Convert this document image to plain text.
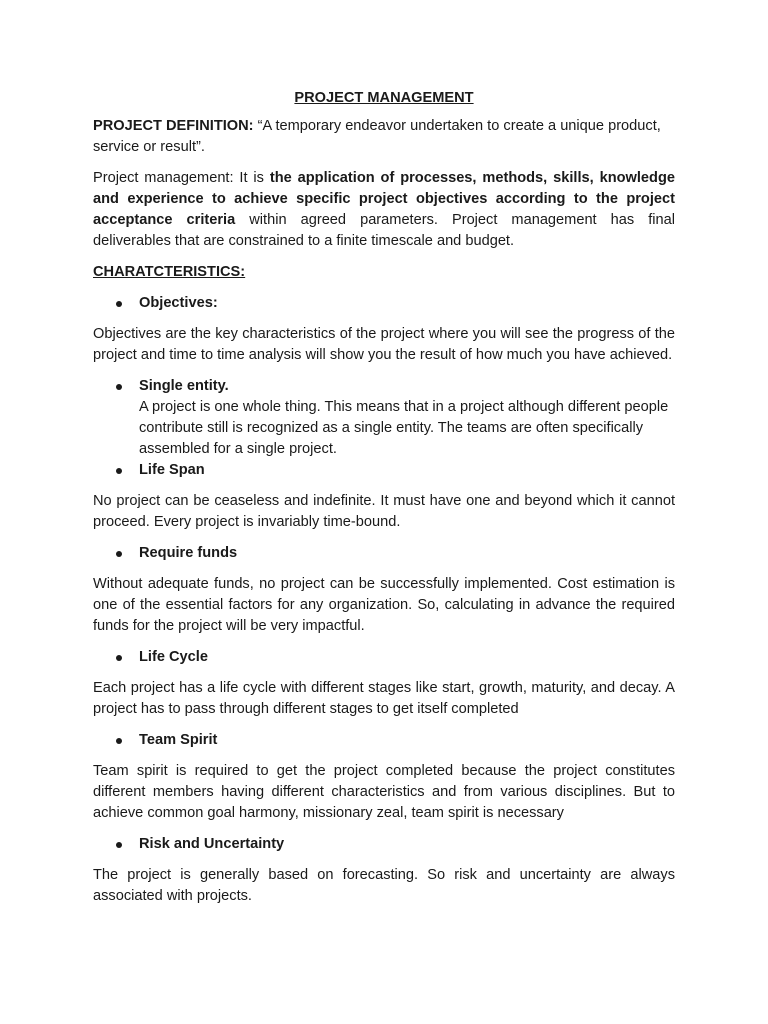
PROJECT MANAGEMENT

PROJECT DEFINITION: “A temporary endeavor undertaken to create a unique product, service or result”.

Project management: It is the application of processes, methods, skills, knowledge and experience to achieve specific project objectives according to the project acceptance criteria within agreed parameters. Project management has final deliverables that are constrained to a finite timescale and budget.

CHARATCTERISTICS:

Objectives:

Objectives are the key characteristics of the project where you will see the progress of the project and time to time analysis will show you the result of how much you have achieved.

Single entity.
A project is one whole thing. This means that in a project although different people contribute still is recognized as a single entity. The teams are often specifically assembled for a single project.
Life Span

No project can be ceaseless and indefinite. It must have one and beyond which it cannot proceed. Every project is invariably time-bound.

Require funds

Without adequate funds, no project can be successfully implemented. Cost estimation is one of the essential factors for any organization. So, calculating in advance the required funds for the project will be very impactful.

Life Cycle

Each project has a life cycle with different stages like start, growth, maturity, and decay. A project has to pass through different stages to get itself completed

Team Spirit

Team spirit is required to get the project completed because the project constitutes different members having different characteristics and from various disciplines. But to achieve common goal harmony, missionary zeal, team spirit is necessary

Risk and Uncertainty

The project is generally based on forecasting. So risk and uncertainty are always associated with projects.
